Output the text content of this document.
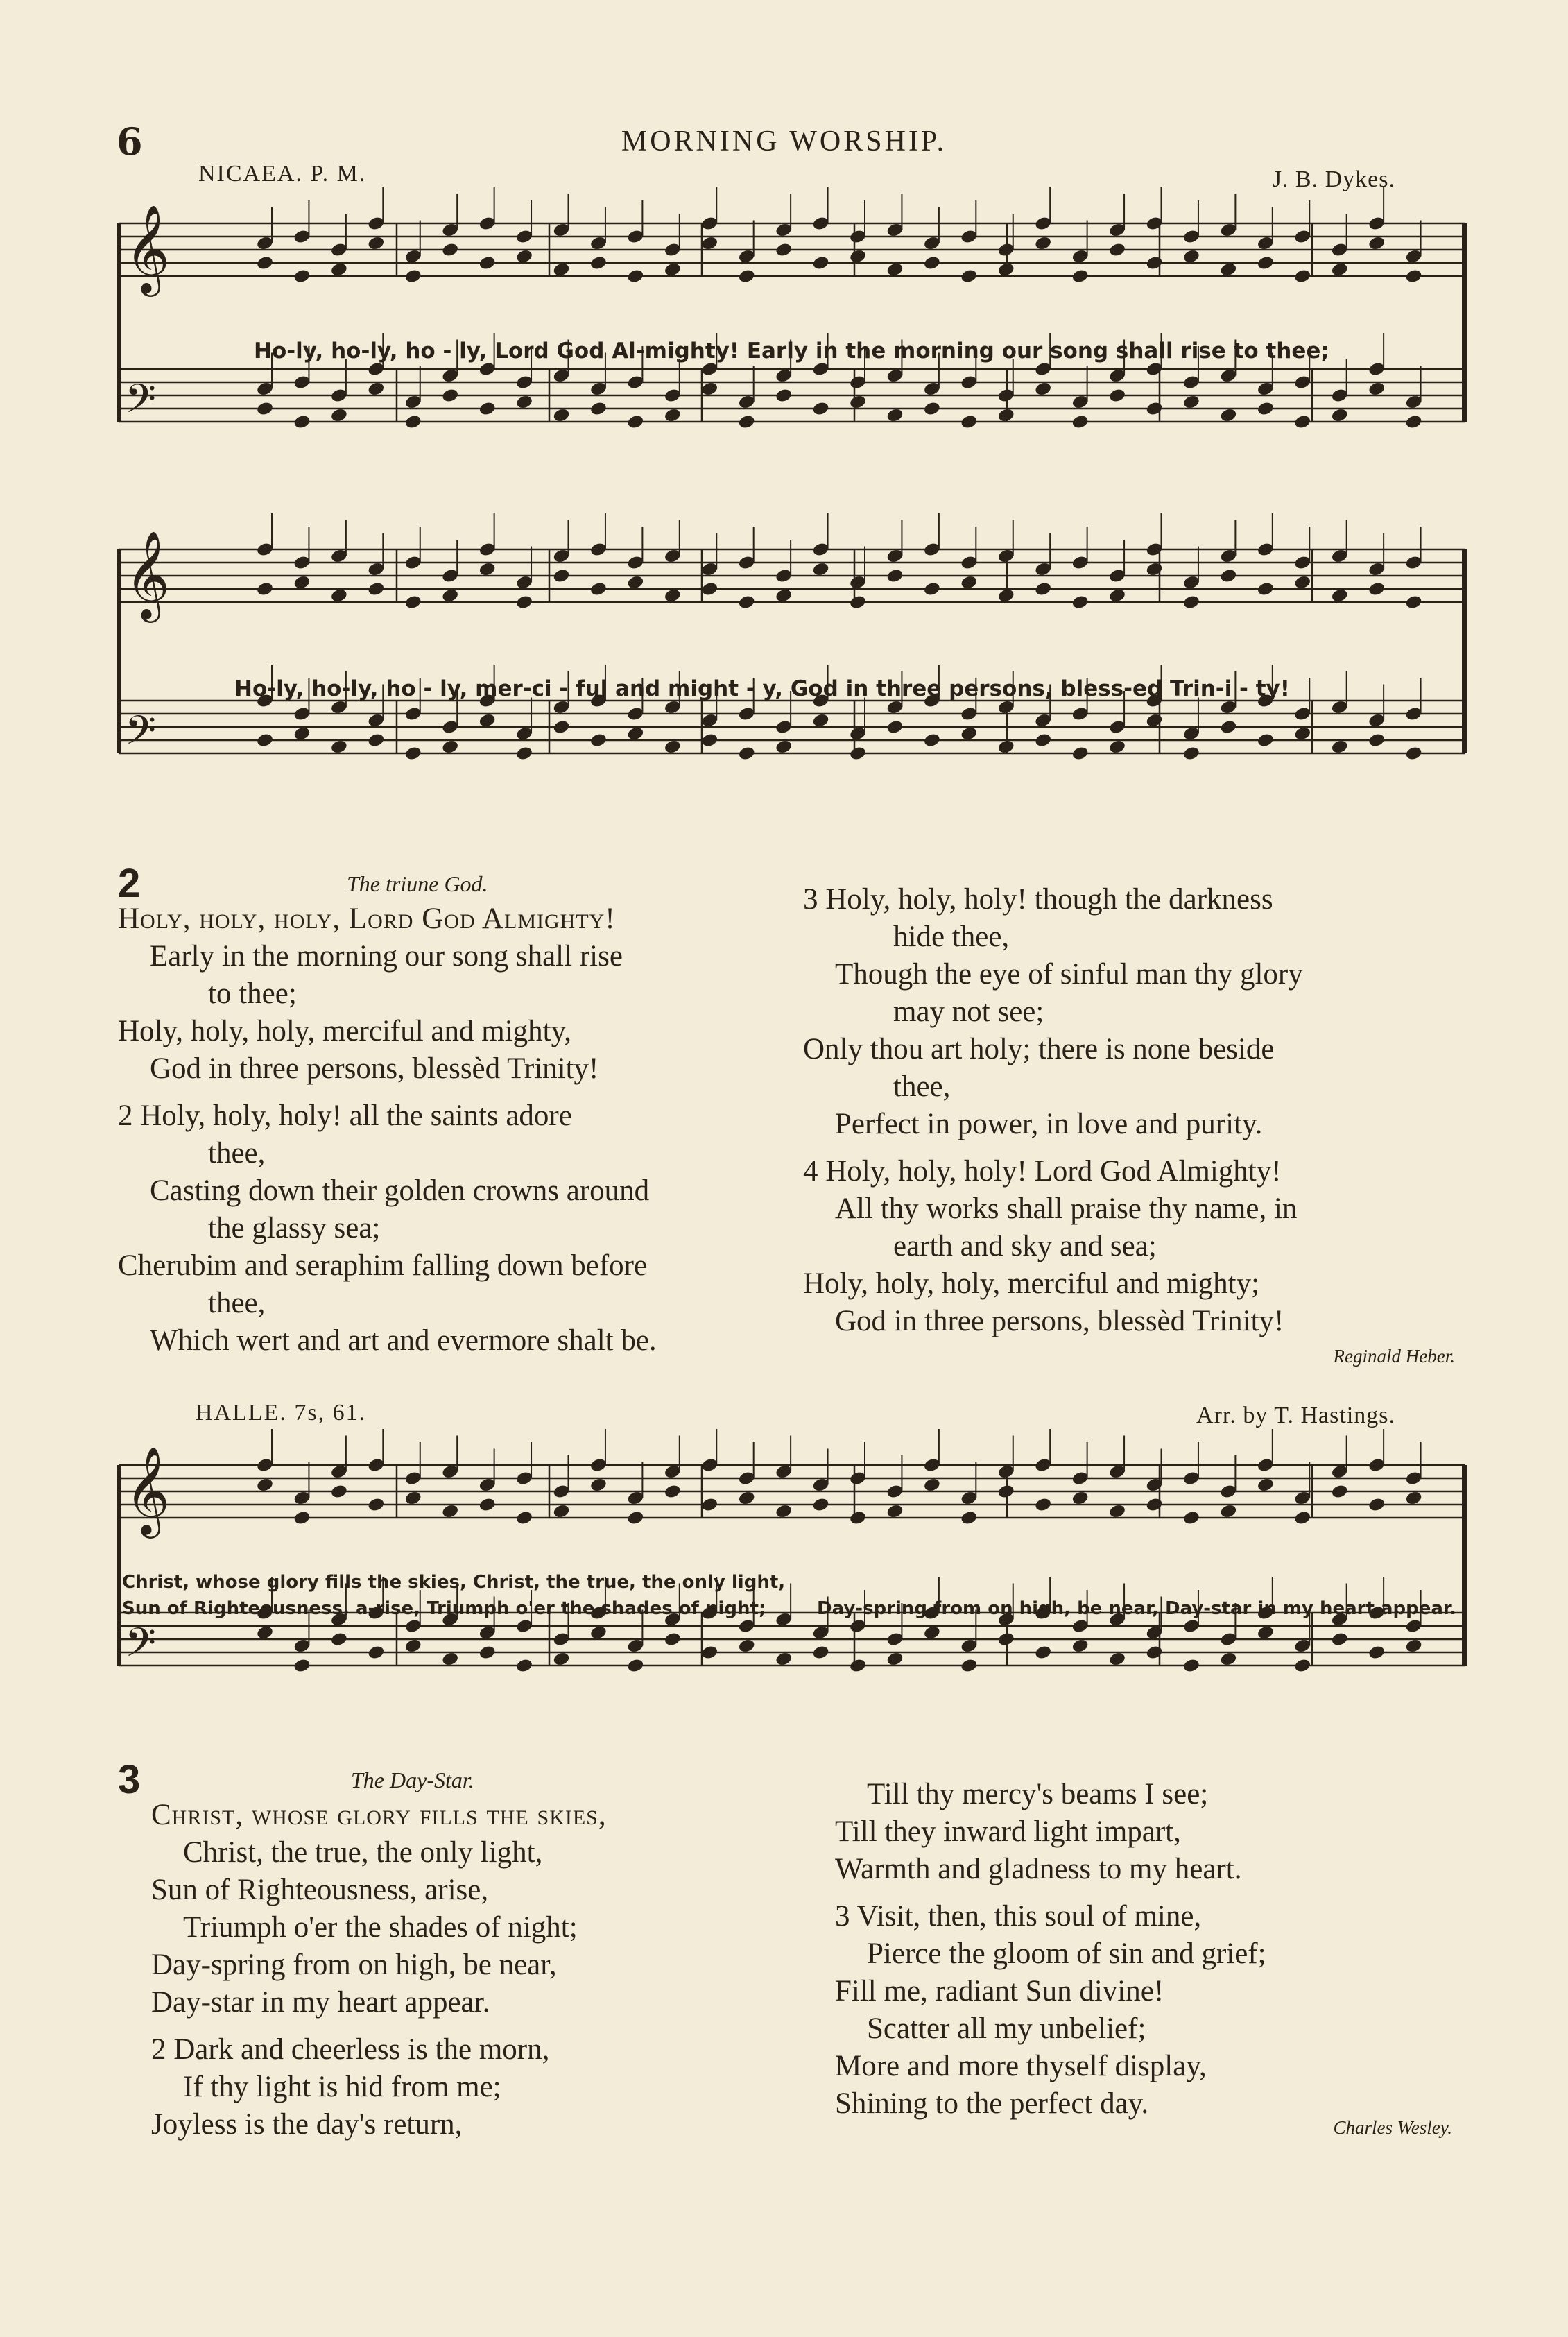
6	MORNING WORSHIP.
NICAEA. P. M.	J. B. Dykes.
𝄞
𝄢
Ho-ly, ho-ly, ho - ly, Lord God Al-mighty! Early in the morning our song shall rise to thee;
𝄞
𝄢
Ho-ly, ho-ly, ho - ly, mer-ci - ful and might - y, God in three persons, bless-ed Trin-i - ty!
2	The triune God.
Holy, holy, holy, Lord God Almighty!
Early in the morning our song shall rise
to thee;
Holy, holy, holy, merciful and mighty,
God in three persons, blessèd Trinity!
2 Holy, holy, holy! all the saints adore
thee,
Casting down their golden crowns around
the glassy sea;
Cherubim and seraphim falling down before
thee,
Which wert and art and evermore shalt be.
3 Holy, holy, holy! though the darkness
hide thee,
Though the eye of sinful man thy glory
may not see;
Only thou art holy; there is none beside
thee,
Perfect in power, in love and purity.
4 Holy, holy, holy! Lord God Almighty!
All thy works shall praise thy name, in
earth and sky and sea;
Holy, holy, holy, merciful and mighty;
God in three persons, blessèd Trinity!
Reginald Heber.
HALLE. 7s, 61.	Arr. by T. Hastings.
𝄞
𝄢
Christ, whose glory fills the skies, Christ, the true, the only light,
Sun of Righteousness, a-rise, Triumph o'er the shades of night;	Day-spring from on high, be near, Day-star in my heart appear.
3	The Day-Star.
Christ, whose glory fills the skies,
Christ, the true, the only light,
Sun of Righteousness, arise,
Triumph o'er the shades of night;
Day-spring from on high, be near,
Day-star in my heart appear.
2 Dark and cheerless is the morn,
If thy light is hid from me;
Joyless is the day's return,
Till thy mercy's beams I see;
Till they inward light impart,
Warmth and gladness to my heart.
3 Visit, then, this soul of mine,
Pierce the gloom of sin and grief;
Fill me, radiant Sun divine!
Scatter all my unbelief;
More and more thyself display,
Shining to the perfect day.
Charles Wesley.
